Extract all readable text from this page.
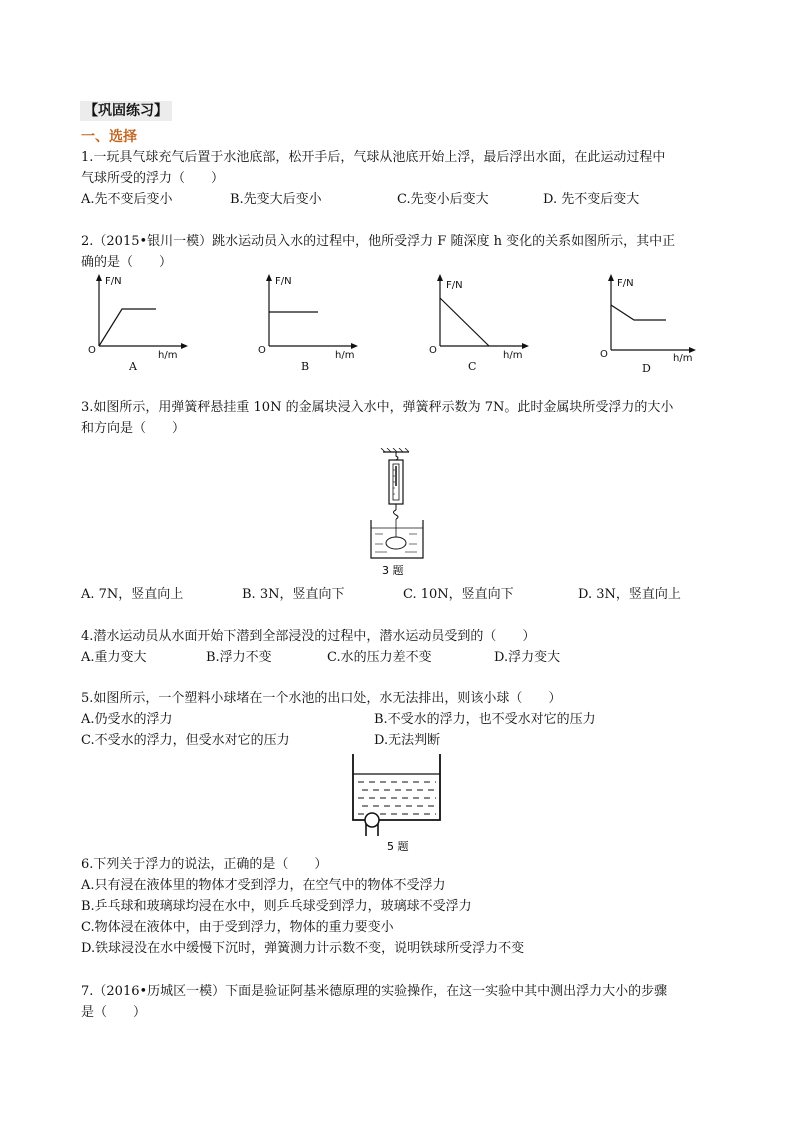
【巩固练习】
一、选择
1.一玩具气球充气后置于水池底部，松开手后，气球从池底开始上浮，最后浮出水面，在此运动过程中
气球所受的浮力（　　）
A.先不变后变小	B.先变大后变小	C.先变小后变大	D. 先不变后变大
2.（2015•银川一模）跳水运动员入水的过程中，他所受浮力 F 随深度 h 变化的关系如图所示，其中正
确的是（　　）
F/N
h/m
O
A
F/N
h/m
O
B
F/N
h/m
O
C
F/N
h/m
O
D
3.如图所示，用弹簧秤悬挂重 10N 的金属块浸入水中，弹簧秤示数为 7N。此时金属块所受浮力的大小
和方向是（　　）
3 题
A. 7N，竖直向上	B. 3N，竖直向下	C. 10N，竖直向下	D. 3N，竖直向上
4.潜水运动员从水面开始下潜到全部浸没的过程中，潜水运动员受到的（　　）
A.重力变大	B.浮力不变	C.水的压力差不变	D.浮力变大
5.如图所示，一个塑料小球堵在一个水池的出口处，水无法排出，则该小球（　　）
A.仍受水的浮力	B.不受水的浮力，也不受水对它的压力
C.不受水的浮力，但受水对它的压力	D.无法判断
5 题
6.下列关于浮力的说法，正确的是（　　）
A.只有浸在液体里的物体才受到浮力，在空气中的物体不受浮力
B.乒乓球和玻璃球均浸在水中，则乒乓球受到浮力，玻璃球不受浮力
C.物体浸在液体中，由于受到浮力，物体的重力要变小
D.铁球浸没在水中缓慢下沉时，弹簧测力计示数不变，说明铁球所受浮力不变
7.（2016•历城区一模）下面是验证阿基米德原理的实验操作，在这一实验中其中测出浮力大小的步骤
是（　　）
